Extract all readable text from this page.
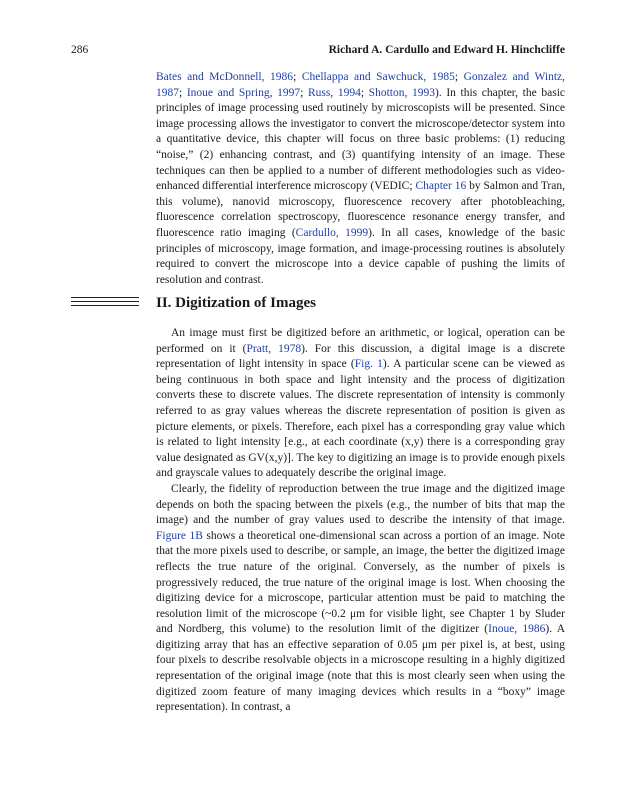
286	Richard A. Cardullo and Edward H. Hinchcliffe

Bates and McDonnell, 1986; Chellappa and Sawchuck, 1985; Gonzalez and Wintz, 1987; Inoue and Spring, 1997; Russ, 1994; Shotton, 1993). In this chapter, the basic principles of image processing used routinely by microscopists will be presented. Since image processing allows the investigator to convert the microscope/detector system into a quantitative device, this chapter will focus on three basic problems: (1) reducing “noise,” (2) enhancing contrast, and (3) quantifying intensity of an image. These techniques can then be applied to a number of different methodologies such as video-enhanced differential interference microscopy (VEDIC; Chapter 16 by Salmon and Tran, this volume), nanovid microscopy, fluorescence recovery after photobleaching, fluorescence correlation spectroscopy, fluorescence resonance energy transfer, and fluorescence ratio imaging (Cardullo, 1999). In all cases, knowledge of the basic principles of microscopy, image formation, and image-processing routines is absolutely required to convert the microscope into a device capable of pushing the limits of resolution and contrast.

II. Digitization of Images

An image must first be digitized before an arithmetic, or logical, operation can be performed on it (Pratt, 1978). For this discussion, a digital image is a discrete representation of light intensity in space (Fig. 1). A particular scene can be viewed as being continuous in both space and light intensity and the process of digitization converts these to discrete values. The discrete representation of intensity is commonly referred to as gray values whereas the discrete representation of position is given as picture elements, or pixels. Therefore, each pixel has a corresponding gray value which is related to light intensity [e.g., at each coordinate (x,y) there is a corresponding gray value designated as GV(x,y)]. The key to digitizing an image is to provide enough pixels and grayscale values to adequately describe the original image.

Clearly, the fidelity of reproduction between the true image and the digitized image depends on both the spacing between the pixels (e.g., the number of bits that map the image) and the number of gray values used to describe the intensity of that image. Figure 1B shows a theoretical one-dimensional scan across a portion of an image. Note that the more pixels used to describe, or sample, an image, the better the digitized image reflects the true nature of the original. Conversely, as the number of pixels is progressively reduced, the true nature of the original image is lost. When choosing the digitizing device for a microscope, particular attention must be paid to matching the resolution limit of the microscope (~0.2 μm for visible light, see Chapter 1 by Sluder and Nordberg, this volume) to the resolution limit of the digitizer (Inoue, 1986). A digitizing array that has an effective separation of 0.05 μm per pixel is, at best, using four pixels to describe resolvable objects in a microscope resulting in a highly digitized representation of the original image (note that this is most clearly seen when using the digitized zoom feature of many imaging devices which results in a “boxy” image representation). In contrast, a
